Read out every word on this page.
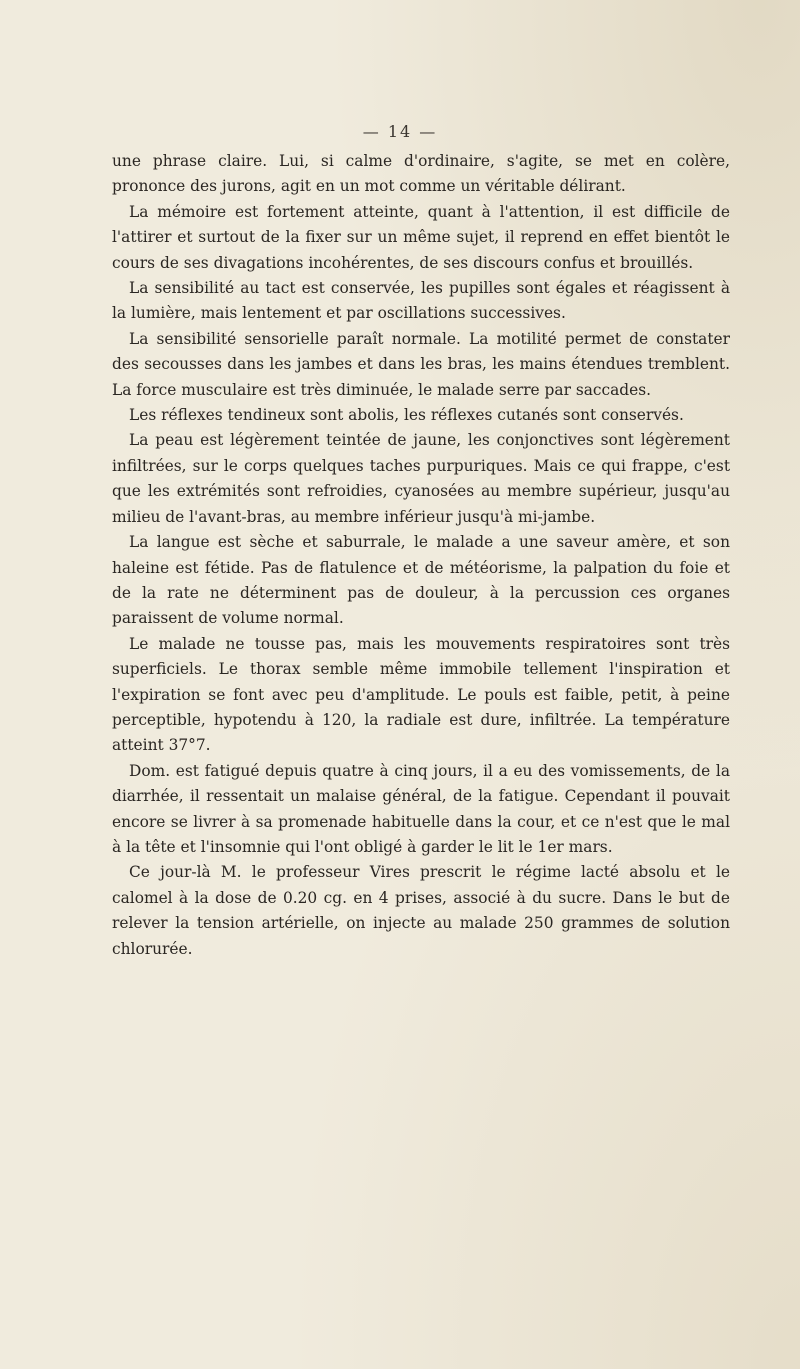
— 14 —

une phrase claire. Lui, si calme d'ordinaire, s'agite, se met en colère, prononce des jurons, agit en un mot comme un véritable délirant.

La mémoire est fortement atteinte, quant à l'attention, il est difficile de l'attirer et surtout de la fixer sur un même sujet, il reprend en effet bientôt le cours de ses divagations incohérentes, de ses discours confus et brouillés.

La sensibilité au tact est conservée, les pupilles sont égales et réagissent à la lumière, mais lentement et par oscillations successives.

La sensibilité sensorielle paraît normale. La motilité permet de constater des secousses dans les jambes et dans les bras, les mains étendues tremblent. La force musculaire est très diminuée, le malade serre par saccades.

Les réflexes tendineux sont abolis, les réflexes cutanés sont conservés.

La peau est légèrement teintée de jaune, les conjonctives sont légèrement infiltrées, sur le corps quelques taches purpuriques. Mais ce qui frappe, c'est que les extrémités sont refroidies, cyanosées au membre supérieur, jusqu'au milieu de l'avant-bras, au membre inférieur jusqu'à mi-jambe.

La langue est sèche et saburrale, le malade a une saveur amère, et son haleine est fétide. Pas de flatulence et de météorisme, la palpation du foie et de la rate ne déterminent pas de douleur, à la percussion ces organes paraissent de volume normal.

Le malade ne tousse pas, mais les mouvements respiratoires sont très superficiels. Le thorax semble même immobile tellement l'inspiration et l'expiration se font avec peu d'amplitude. Le pouls est faible, petit, à peine perceptible, hypotendu à 120, la radiale est dure, infiltrée. La température atteint 37°7.

Dom. est fatigué depuis quatre à cinq jours, il a eu des vomissements, de la diarrhée, il ressentait un malaise général, de la fatigue. Cependant il pouvait encore se livrer à sa promenade habituelle dans la cour, et ce n'est que le mal à la tête et l'insomnie qui l'ont obligé à garder le lit le 1er mars.

Ce jour-là M. le professeur Vires prescrit le régime lacté absolu et le calomel à la dose de 0.20 cg. en 4 prises, associé à du sucre. Dans le but de relever la tension artérielle, on injecte au malade 250 grammes de solution chlorurée.
